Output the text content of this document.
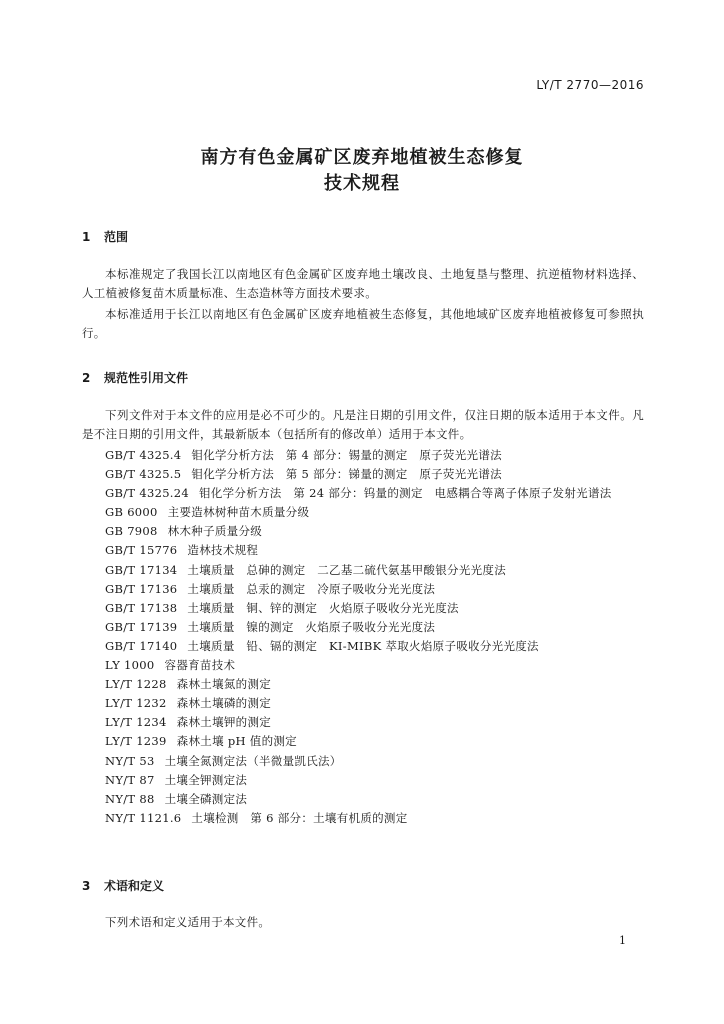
LY/T 2770—2016
南方有色金属矿区废弃地植被生态修复
技术规程
1 范围
本标准规定了我国长江以南地区有色金属矿区废弃地土壤改良、土地复垦与整理、抗逆植物材料选择、人工植被修复苗木质量标准、生态造林等方面技术要求。
本标准适用于长江以南地区有色金属矿区废弃地植被生态修复，其他地域矿区废弃地植被修复可参照执行。
2 规范性引用文件
下列文件对于本文件的应用是必不可少的。凡是注日期的引用文件，仅注日期的版本适用于本文件。凡是不注日期的引用文件，其最新版本（包括所有的修改单）适用于本文件。
GB/T 4325.4 钼化学分析方法　第 4 部分：锡量的测定　原子荧光光谱法
GB/T 4325.5 钼化学分析方法　第 5 部分：锑量的测定　原子荧光光谱法
GB/T 4325.24 钼化学分析方法　第 24 部分：钨量的测定　电感耦合等离子体原子发射光谱法
GB 6000 主要造林树种苗木质量分级
GB 7908 林木种子质量分级
GB/T 15776 造林技术规程
GB/T 17134 土壤质量　总砷的测定　二乙基二硫代氨基甲酸银分光光度法
GB/T 17136 土壤质量　总汞的测定　冷原子吸收分光光度法
GB/T 17138 土壤质量　铜、锌的测定　火焰原子吸收分光光度法
GB/T 17139 土壤质量　镍的测定　火焰原子吸收分光光度法
GB/T 17140 土壤质量　铅、镉的测定　KI-MIBK 萃取火焰原子吸收分光光度法
LY 1000 容器育苗技术
LY/T 1228 森林土壤氮的测定
LY/T 1232 森林土壤磷的测定
LY/T 1234 森林土壤钾的测定
LY/T 1239 森林土壤 pH 值的测定
NY/T 53 土壤全氮测定法（半微量凯氏法）
NY/T 87 土壤全钾测定法
NY/T 88 土壤全磷测定法
NY/T 1121.6 土壤检测　第 6 部分：土壤有机质的测定
3 术语和定义
下列术语和定义适用于本文件。
1
